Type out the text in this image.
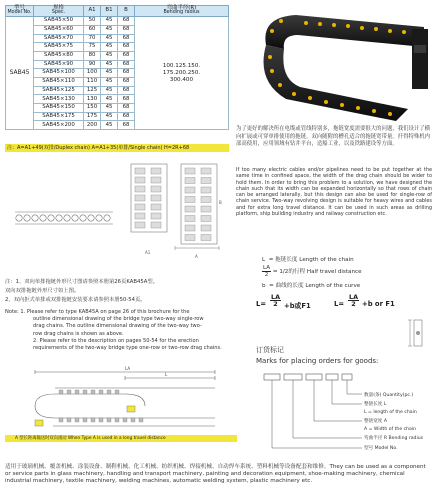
型号
Model No.	规格
Spec.	A1	B1	B	弯曲半径(R)
Bending radius

SAB45	SAB45×50	50	45	68	100.125.150.
175.200.250.
300.400

	SAB45×60	60	45	68	
	SAB45×70	70	45	68	
	SAB45×75	75	45	68	
	SAB45×80	80	45	68	
	SAB45×90	90	45	68	
	SAB45×100	100	45	68	
	SAB45×110	110	45	68	
	SAB45×125	125	45	68	
	SAB45×130	130	45	68	
	SAB45×150	150	45	68	
	SAB45×175	175	45	68	
	SAB45×200	200	45	68	
注：A=A1+49(双排/Duplex chain) A=A1+35(单排/Single chain) H=2R+68
为了更好的解决所在电缆或管线特别多，拖链宽度需要很大的问题，我们设计了横向扩展或可穿单排使用的拖链。双向随附的槽孔适合的拖链宽带量。扦得特殊机内部高使用，应用领域有钻井平台，造船工业，以及铁路建设等方面。
If too many electric cables and/or pipelines need to be put together at the same time in confined space, the width of the drag chain should be wider to hold them. In order to bring this problem to a solution, we have designed the chain such that its width can be expanded horizontally so that rows of chain can be arranged laterally, but this design can also be used for single-row of chain service. Two-way revolving design is suitable for heavy wires and cables and for extra long travel distance. It can be used in such areas as drilling platform, ship building industry and railway construction etc.
A1
A
B
注：1、双向单排拖链外形尺寸图请参照本册第26页KAB45A型。
双向双排拖链外形尺寸如上图。
2、双向拒式单排或双排拖链安装要求请参照本册50-54页。
Note: 1. Please refer to type KAB45A on page 26 of this brochure for the
outline dimensional drawing of the bridge type two-way single-row
drag chains. The outline dimensional drawing of the two-way two-
row drag chains is shown as above.
2. Please refer to the description on pages 50-54 for the erection
requirements of the two-way bridge type one-row or two-row drag chains.
L = 拖链长度 Length of the chain
$\frac{LA}{2} = 1/2$的行程 Half travel distance
b = 曲线的长度 Length of the curve
$L= \frac{LA}{2} +b$或F1	$L= \frac{LA}{2} +b$ or F1
订货标记
Marks for placing orders for goods:
数量(条) Quantity(pc.)
整链长度 L
L = length of the chain
整链宽度 A
A = Width of the chain
弯曲半径 R Bending radius
型号 Model No.
LA
L
A 型长距离输送时双向滚动 When Type A is used in a long travel distance
适用于玻璃机械、覆盖机械、涂装设备、制鞋机械、化工机械、纺织机械、焊接机械、自动焊车系统、塑料机械等设备配套和维修。They can be used as a component or service parts in glass machinery, handling and transport machinery, painting and decoration equipment, shoe-making machinery, chemical industrial machinery, textile machinery, welding machines, automatic welding system, plastic machinery etc.
